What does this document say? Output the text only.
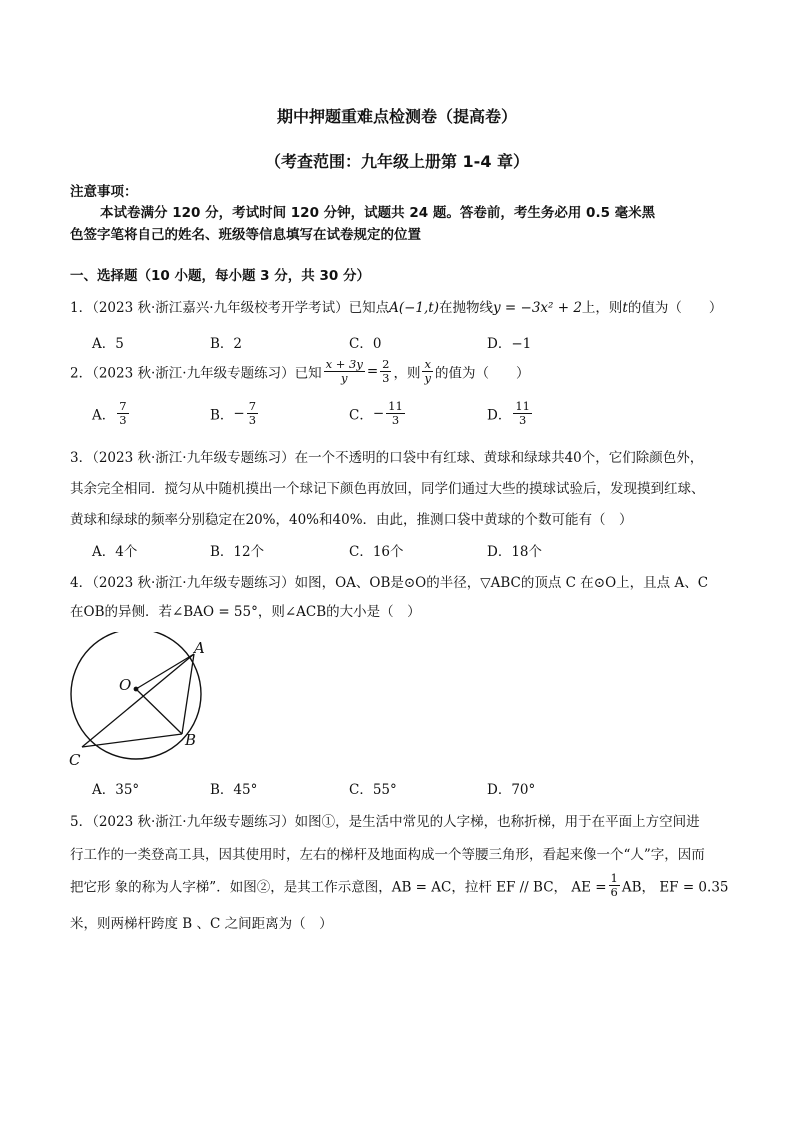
期中押题重难点检测卷（提高卷）
（考查范围：九年级上册第 1-4 章）
注意事项：
本试卷满分 120 分，考试时间 120 分钟，试题共 24 题。答卷前，考生务必用 0.5 毫米黑
色签字笔将自己的姓名、班级等信息填写在试卷规定的位置
一、选择题（10 小题，每小题 3 分，共 30 分）
1．（2023 秋·浙江嘉兴·九年级校考开学考试）已知点A(−1,t)在抛物线y = −3x² + 2上，则t的值为（　　）
A．5	B．2	C．0	D．−1
2．（2023 秋·浙江·九年级专题练习）已知 $\frac{x + 3y}{y} = \frac{2}{3}$ ，则 $\frac{x}{y}$ 的值为（　　）
A． $\frac{7}{3}$	B．− $\frac{7}{3}$	C．− $\frac{11}{3}$	D． $\frac{11}{3}$
3．（2023 秋·浙江·九年级专题练习）在一个不透明的口袋中有红球、黄球和绿球共40个，它们除颜色外，
其余完全相同．搅匀从中随机摸出一个球记下颜色再放回，同学们通过大些的摸球试验后，发现摸到红球、
黄球和绿球的频率分别稳定在20%，40%和40%．由此，推测口袋中黄球的个数可能有（　）
A．4个	B．12个	C．16个	D．18个
4．（2023 秋·浙江·九年级专题练习）如图，OA、OB是⊙O的半径，▽ABC的顶点 C 在⊙O上，且点 A、C
在OB的异侧．若∠BAO = 55°，则∠ACB的大小是（　）
O
A
B
C
A．35°	B．45°	C．55°	D．70°
5．（2023 秋·浙江·九年级专题练习）如图①，是生活中常见的人字梯，也称折梯，用于在平面上方空间进
行工作的一类登高工具，因其使用时，左右的梯杆及地面构成一个等腰三角形，看起来像一个“人”字，因而
把它形 象的称为人字梯”．如图②，是其工作示意图，AB = AC，拉杆 EF // BC， AE = $\frac{1}{6}$ AB， EF = 0.35
米，则两梯杆跨度 B 、C 之间距离为（　）
